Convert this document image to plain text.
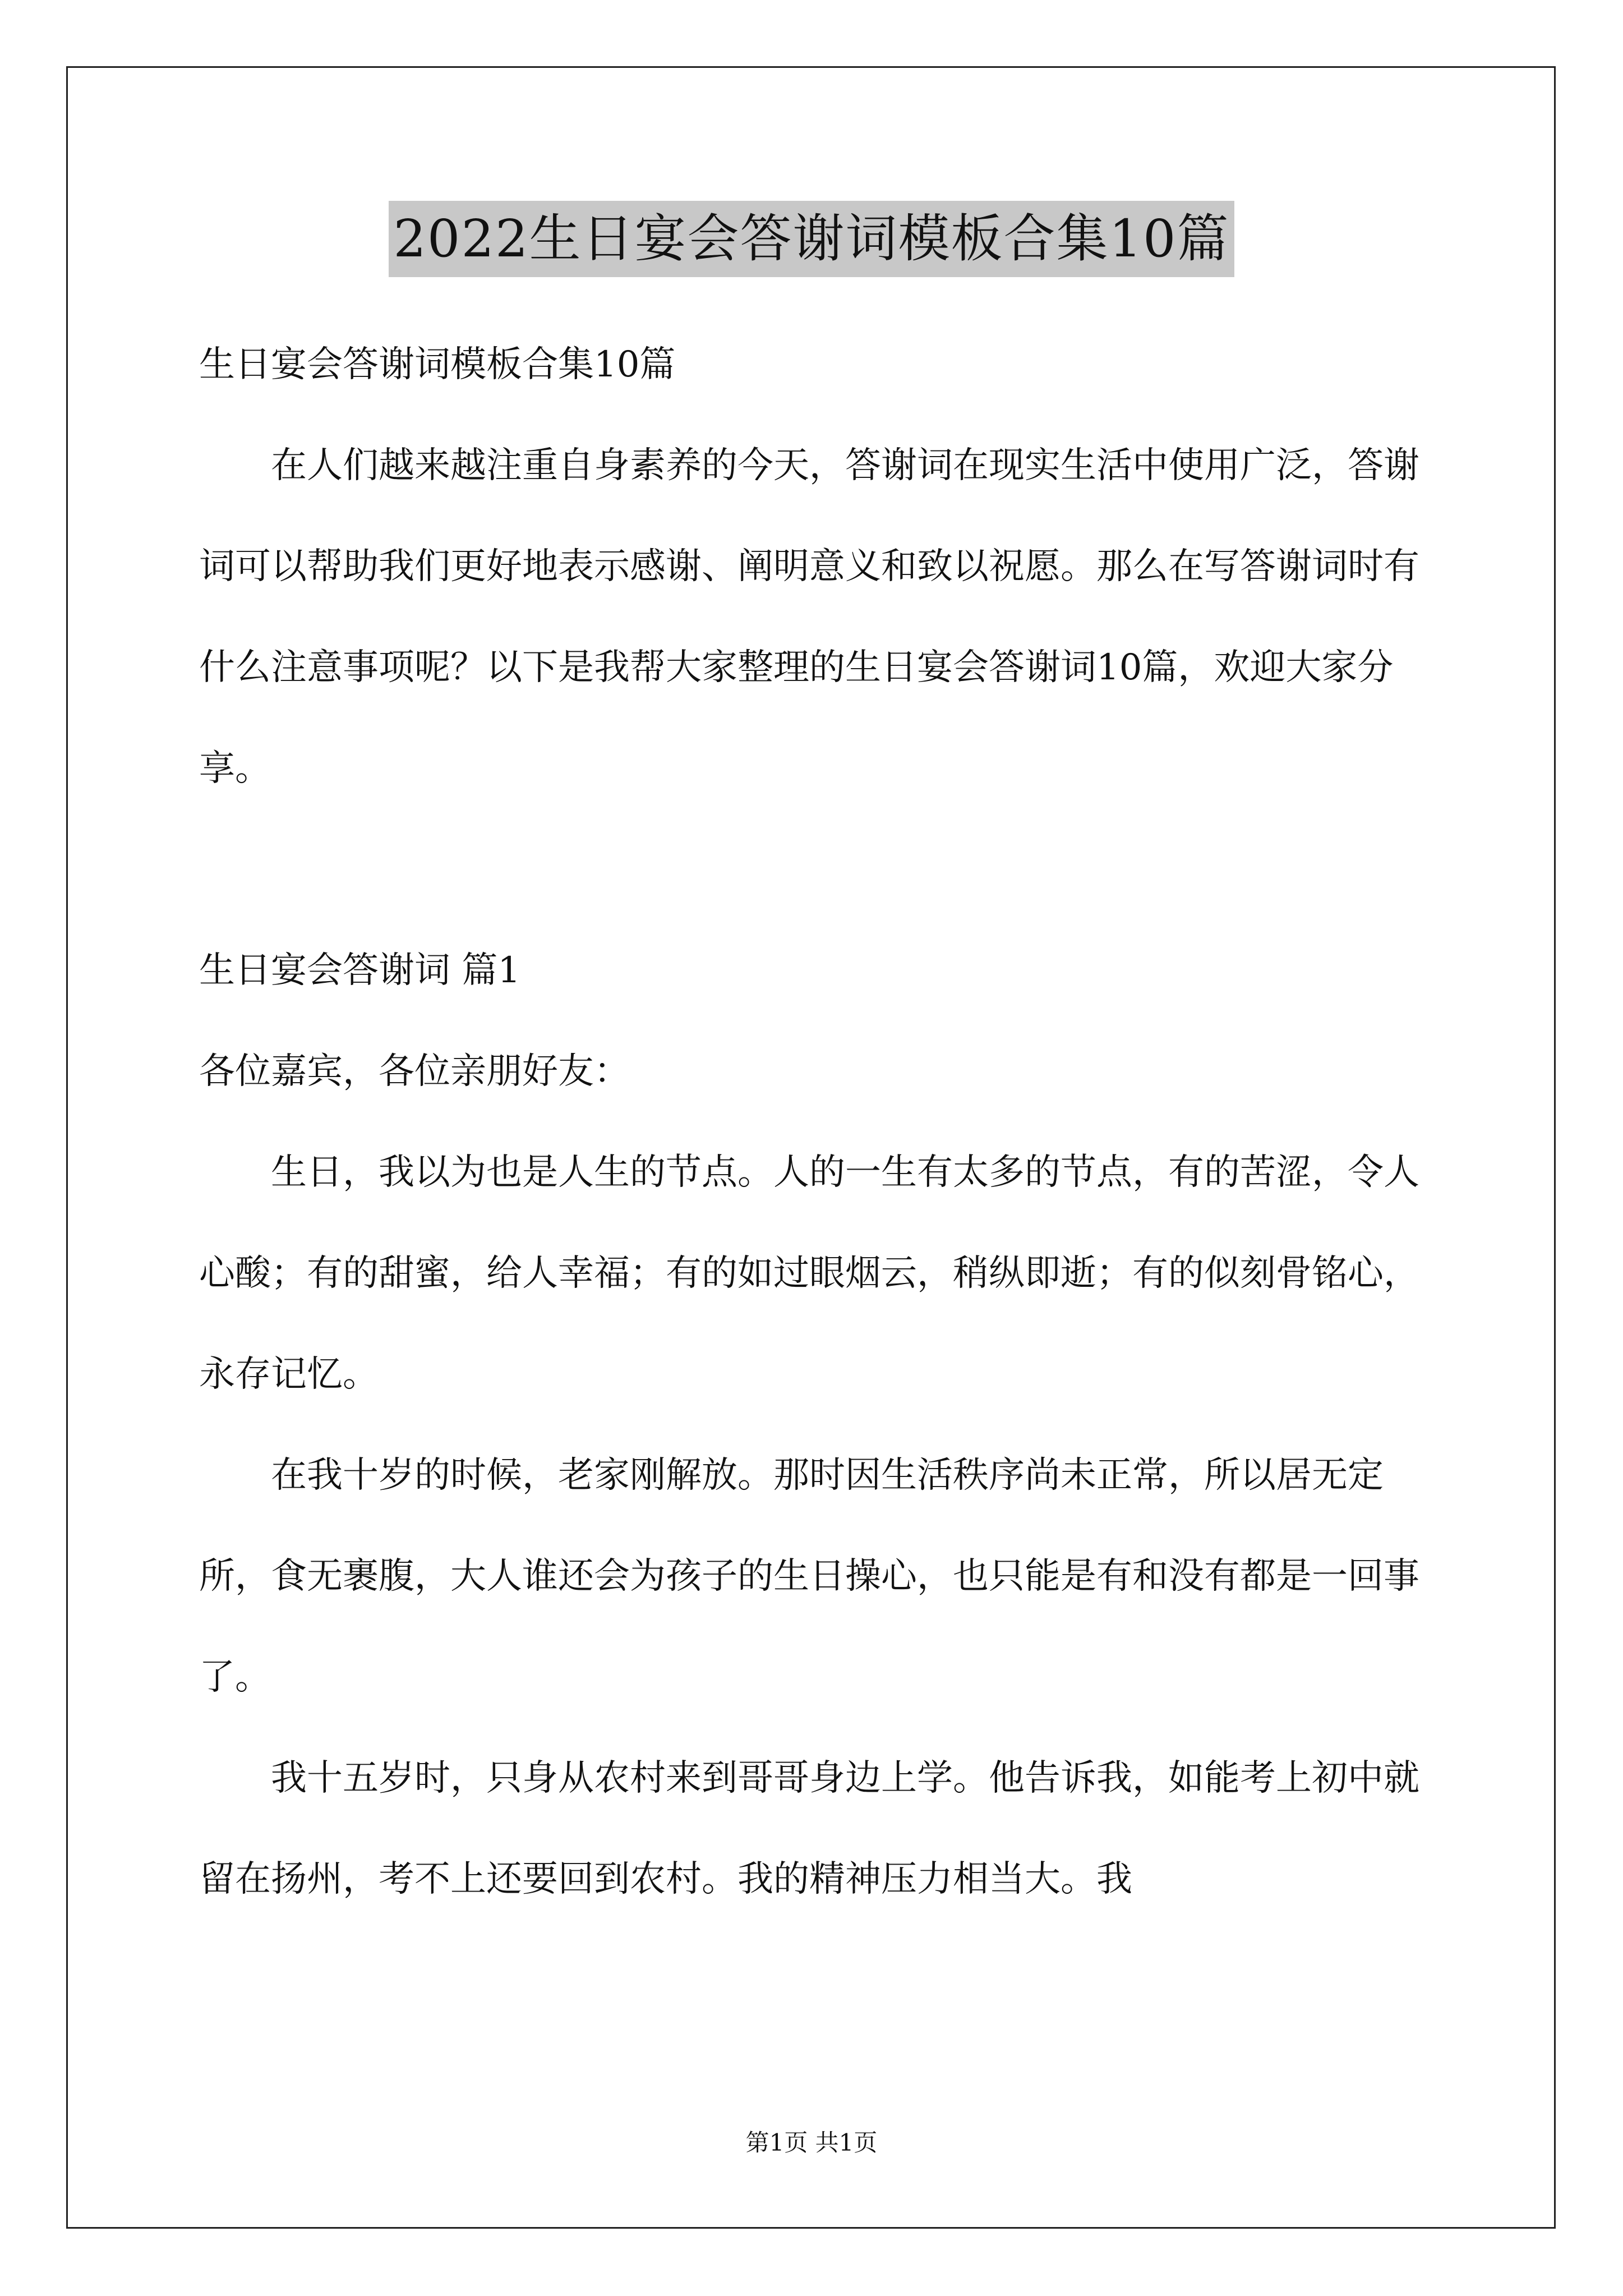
2022生日宴会答谢词模板合集10篇

生日宴会答谢词模板合集10篇

在人们越来越注重自身素养的今天，答谢词在现实生活中使用广泛，答谢词可以帮助我们更好地表示感谢、阐明意义和致以祝愿。那么在写答谢词时有什么注意事项呢？以下是我帮大家整理的生日宴会答谢词10篇，欢迎大家分享。

生日宴会答谢词 篇1

各位嘉宾，各位亲朋好友：

生日，我以为也是人生的节点。人的一生有太多的节点，有的苦涩，令人心酸；有的甜蜜，给人幸福；有的如过眼烟云，稍纵即逝；有的似刻骨铭心，永存记忆。

在我十岁的时候，老家刚解放。那时因生活秩序尚未正常，所以居无定所，食无裹腹，大人谁还会为孩子的生日操心，也只能是有和没有都是一回事了。

我十五岁时，只身从农村来到哥哥身边上学。他告诉我，如能考上初中就留在扬州，考不上还要回到农村。我的精神压力相当大。我

第1页 共1页
